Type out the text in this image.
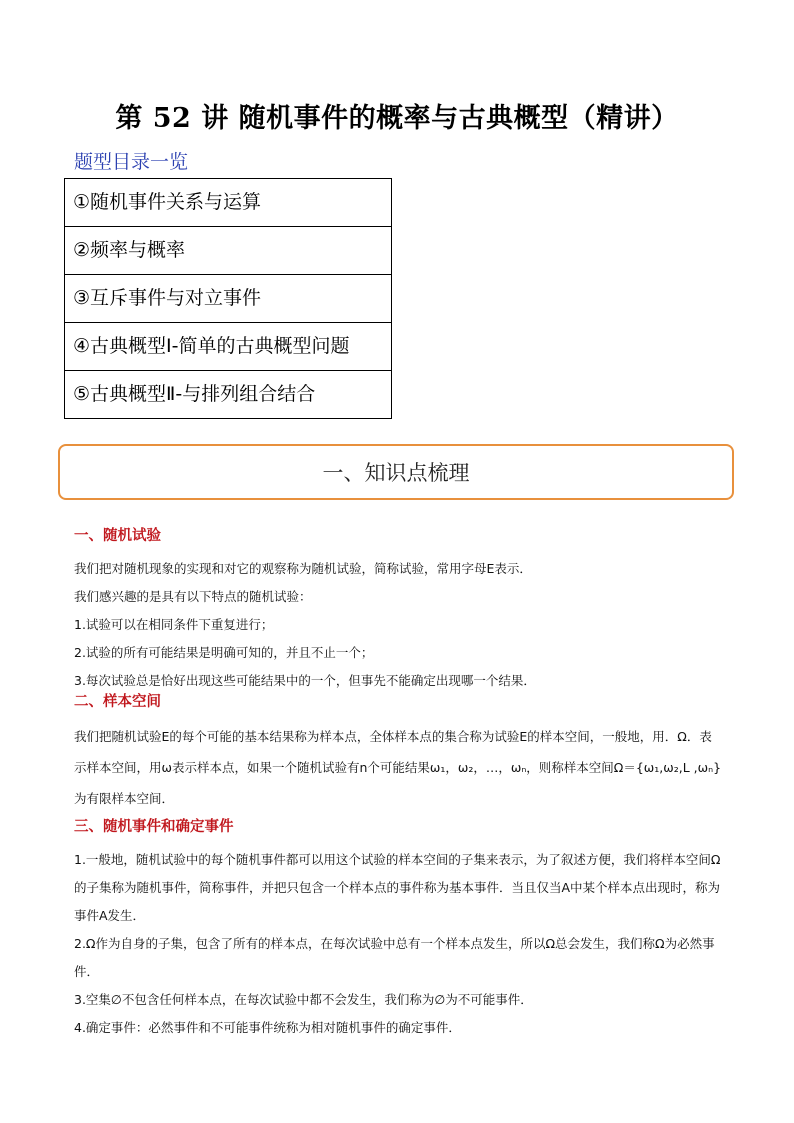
第 52 讲 随机事件的概率与古典概型（精讲）
题型目录一览
①随机事件关系与运算
②频率与概率
③互斥事件与对立事件
④古典概型Ⅰ-简单的古典概型问题
⑤古典概型Ⅱ-与排列组合结合
一、知识点梳理
一、随机试验

我们把对随机现象的实现和对它的观察称为随机试验，简称试验，常用字母E表示．

我们感兴趣的是具有以下特点的随机试验：

1.试验可以在相同条件下重复进行；

2.试验的所有可能结果是明确可知的，并且不止一个；

3.每次试验总是恰好出现这些可能结果中的一个，但事先不能确定出现哪一个结果．

二、样本空间

我们把随机试验E的每个可能的基本结果称为样本点，全体样本点的集合称为试验E的样本空间，一般地，用．Ω．表示样本空间，用ω表示样本点，如果一个随机试验有n个可能结果ω₁，ω₂，…，ωₙ，则称样本空间Ω＝{ω₁,ω₂,L ,ωₙ}为有限样本空间．

三、随机事件和确定事件

1.一般地，随机试验中的每个随机事件都可以用这个试验的样本空间的子集来表示，为了叙述方便，我们将样本空间Ω的子集称为随机事件，简称事件，并把只包含一个样本点的事件称为基本事件．当且仅当A中某个样本点出现时，称为事件A发生．

2.Ω作为自身的子集，包含了所有的样本点，在每次试验中总有一个样本点发生，所以Ω总会发生，我们称Ω为必然事件．

3.空集∅不包含任何样本点，在每次试验中都不会发生，我们称为∅为不可能事件．

4.确定事件：必然事件和不可能事件统称为相对随机事件的确定事件．
